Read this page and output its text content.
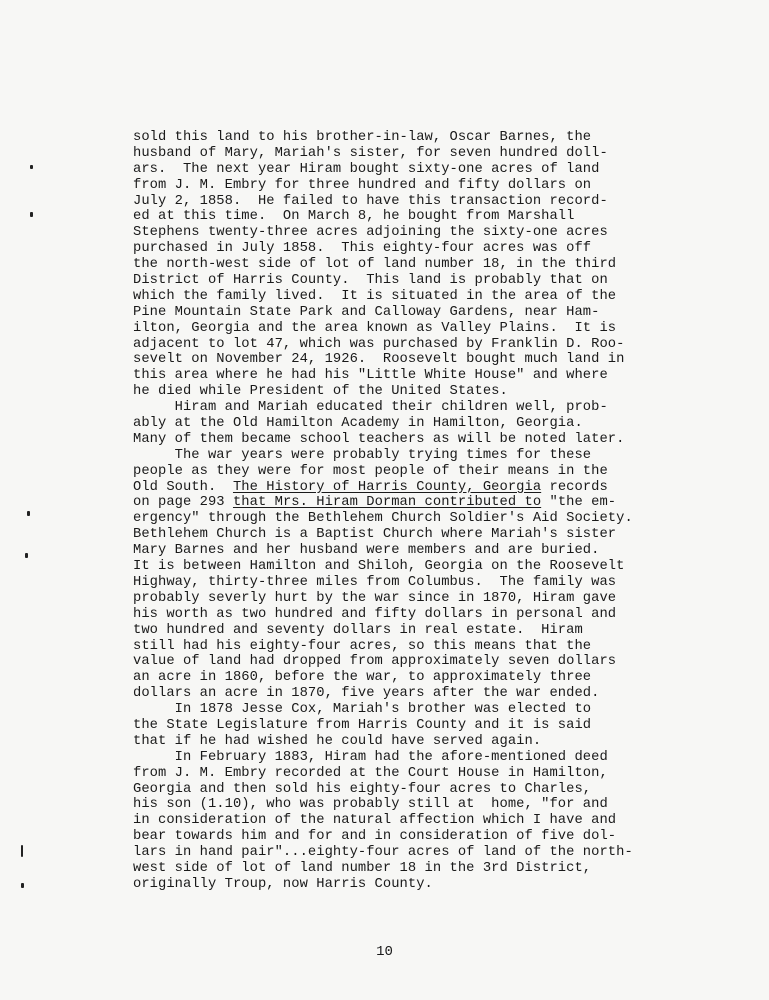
sold this land to his brother-in-law, Oscar Barnes, the
husband of Mary, Mariah's sister, for seven hundred doll-
ars.  The next year Hiram bought sixty-one acres of land
from J. M. Embry for three hundred and fifty dollars on
July 2, 1858.  He failed to have this transaction record-
ed at this time.  On March 8, he bought from Marshall
Stephens twenty-three acres adjoining the sixty-one acres
purchased in July 1858.  This eighty-four acres was off
the north-west side of lot of land number 18, in the third
District of Harris County.  This land is probably that on
which the family lived.  It is situated in the area of the
Pine Mountain State Park and Calloway Gardens, near Ham-
ilton, Georgia and the area known as Valley Plains.  It is
adjacent to lot 47, which was purchased by Franklin D. Roo-
sevelt on November 24, 1926.  Roosevelt bought much land in
this area where he had his "Little White House" and where
he died while President of the United States.
Hiram and Mariah educated their children well, prob-
ably at the Old Hamilton Academy in Hamilton, Georgia.
Many of them became school teachers as will be noted later.
The war years were probably trying times for these
people as they were for most people of their means in the
Old South.  The History of Harris County, Georgia records
on page 293 that Mrs. Hiram Dorman contributed to "the em-
ergency" through the Bethlehem Church Soldier's Aid Society.
Bethlehem Church is a Baptist Church where Mariah's sister
Mary Barnes and her husband were members and are buried.
It is between Hamilton and Shiloh, Georgia on the Roosevelt
Highway, thirty-three miles from Columbus.  The family was
probably severly hurt by the war since in 1870, Hiram gave
his worth as two hundred and fifty dollars in personal and
two hundred and seventy dollars in real estate.  Hiram
still had his eighty-four acres, so this means that the
value of land had dropped from approximately seven dollars
an acre in 1860, before the war, to approximately three
dollars an acre in 1870, five years after the war ended.
In 1878 Jesse Cox, Mariah's brother was elected to
the State Legislature from Harris County and it is said
that if he had wished he could have served again.
In February 1883, Hiram had the afore-mentioned deed
from J. M. Embry recorded at the Court House in Hamilton,
Georgia and then sold his eighty-four acres to Charles,
his son (1.10), who was probably still at  home, "for and
in consideration of the natural affection which I have and
bear towards him and for and in consideration of five dol-
lars in hand pair"...eighty-four acres of land of the north-
west side of lot of land number 18 in the 3rd District,
originally Troup, now Harris County.
10
